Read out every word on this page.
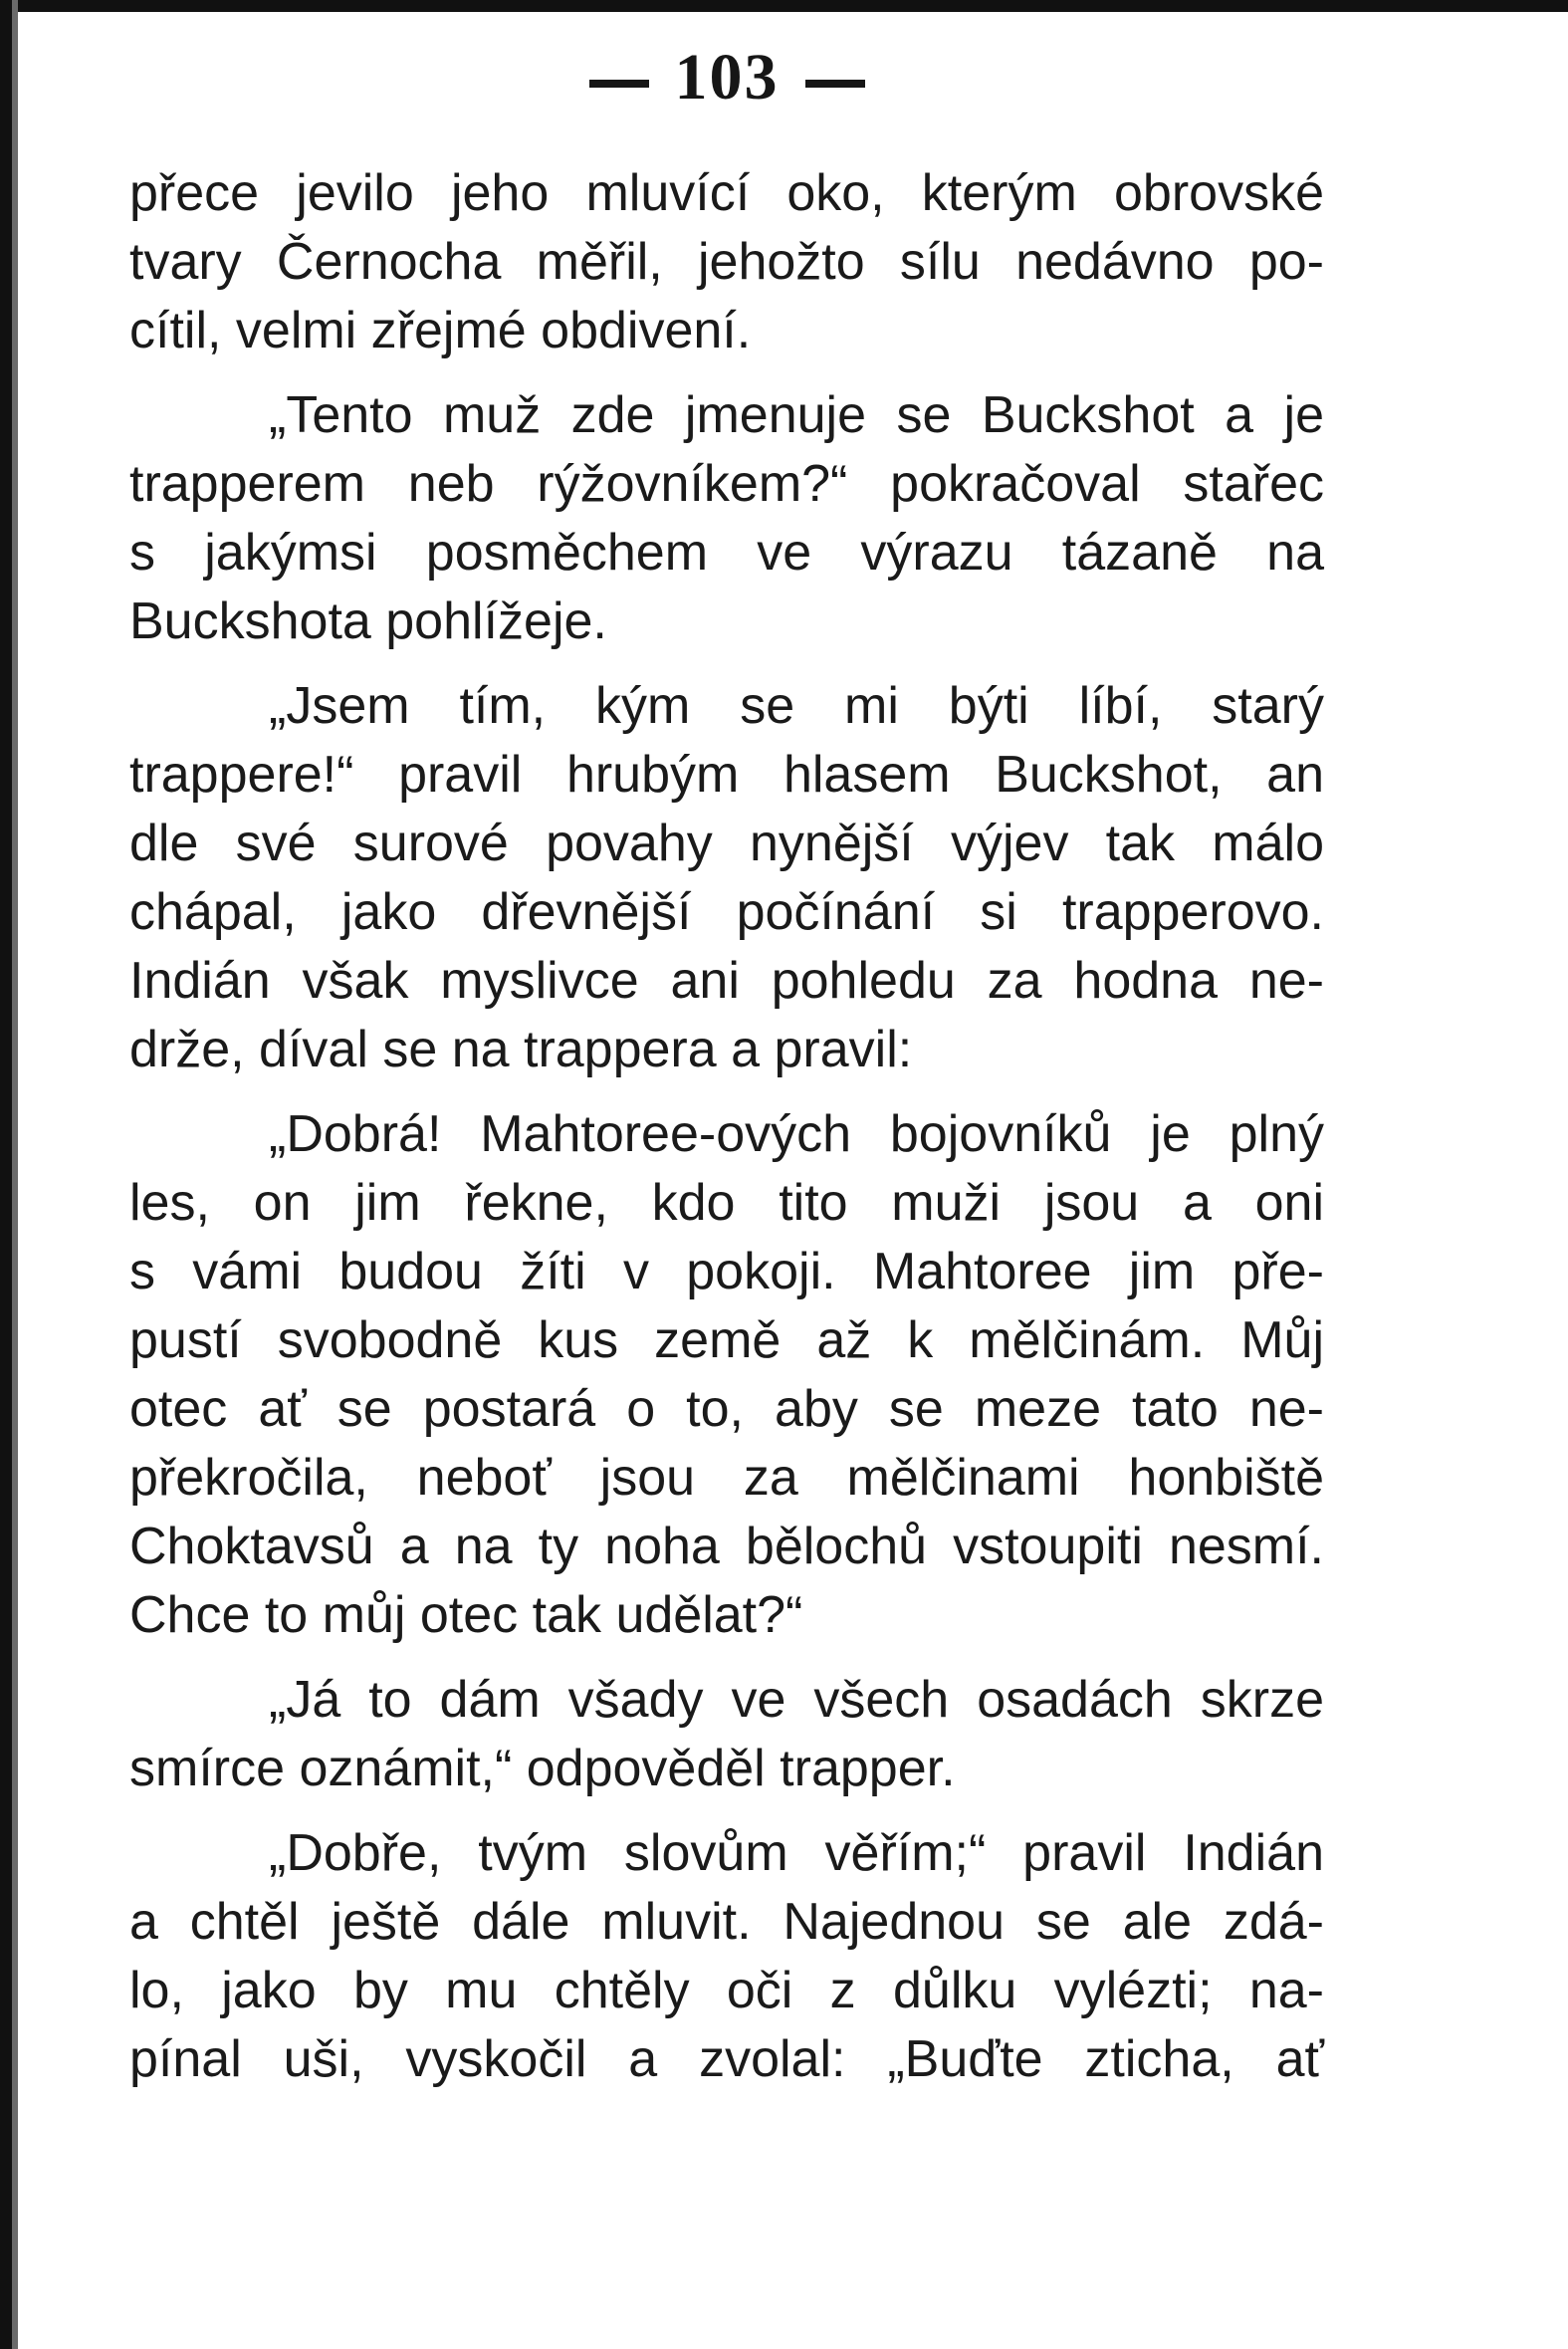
103
přece jevilo jeho mluvící oko, kterým obrovské
tvary Černocha měřil, jehožto sílu nedávno po-
cítil, velmi zřejmé obdivení.
„Tento muž zde jmenuje se Buckshot a je
trapperem neb rýžovníkem?“ pokračoval stařec
s jakýmsi posměchem ve výrazu tázaně na
Buckshota pohlížeje.
„Jsem tím, kým se mi býti líbí, starý
trappere!“ pravil hrubým hlasem Buckshot, an
dle své surové povahy nynější výjev tak málo
chápal, jako dřevnější počínání si trapperovo.
Indián však myslivce ani pohledu za hodna ne-
drže, díval se na trappera a pravil:
„Dobrá! Mahtoree-ových bojovníků je plný
les, on jim řekne, kdo tito muži jsou a oni
s vámi budou žíti v pokoji. Mahtoree jim pře-
pustí svobodně kus země až k mělčinám. Můj
otec ať se postará o to, aby se meze tato ne-
překročila, neboť jsou za mělčinami honbiště
Choktavsů a na ty noha bělochů vstoupiti nesmí.
Chce to můj otec tak udělat?“
„Já to dám všady ve všech osadách skrze
smírce oznámit,“ odpověděl trapper.
„Dobře, tvým slovům věřím;“ pravil Indián
a chtěl ještě dále mluvit. Najednou se ale zdá-
lo, jako by mu chtěly oči z důlku vylézti; na-
pínal uši, vyskočil a zvolal: „Buďte zticha, ať
